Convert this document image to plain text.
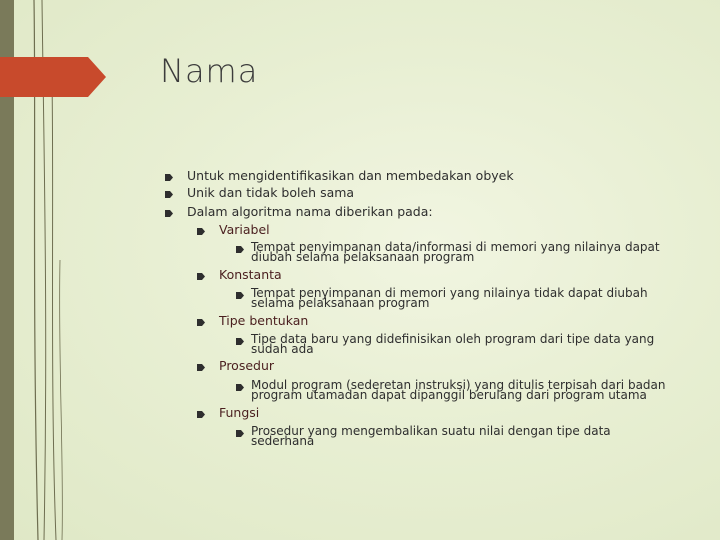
Nama
Untuk mengidentifikasikan dan membedakan obyek
Unik dan tidak boleh sama
Dalam algoritma nama diberikan pada:
Variabel
Tempat penyimpanan data/informasi di memori yang nilainya dapat diubah selama pelaksanaan program
Konstanta
Tempat penyimpanan di memori yang nilainya tidak dapat diubah selama pelaksanaan program
Tipe bentukan
Tipe data baru yang didefinisikan oleh program dari tipe data yang sudah ada
Prosedur
Modul program (sederetan instruksi) yang ditulis terpisah dari badan program utamadan dapat dipanggil berulang dari program utama
Fungsi
Prosedur yang mengembalikan suatu nilai dengan tipe data sederhana
